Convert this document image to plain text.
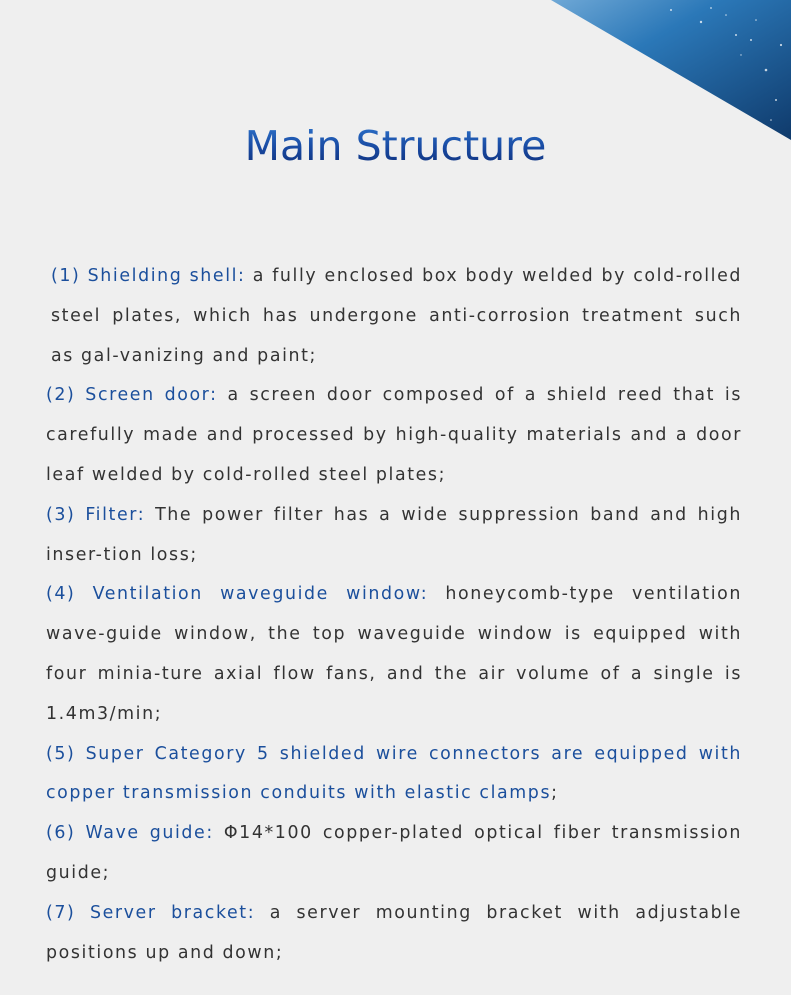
Main Structure

(1) Shielding shell: a fully enclosed box body welded by cold-rolled steel plates, which has undergone anti-corrosion treatment such as gal-vanizing and paint;

(2) Screen door: a screen door composed of a shield reed that is carefully made and processed by high-quality materials and a door leaf welded by cold-rolled steel plates;

(3) Filter: The power filter has a wide suppression band and high inser-tion loss;

(4) Ventilation waveguide window: honeycomb-type ventilation wave-guide window, the top waveguide window is equipped with four minia-ture axial flow fans, and the air volume of a single is 1.4m3/min;

(5) Super Category 5 shielded wire connectors are equipped with copper transmission conduits with elastic clamps;

(6) Wave guide: Φ14*100 copper-plated optical fiber transmission guide;

(7) Server bracket: a server mounting bracket with adjustable positions up and down;
